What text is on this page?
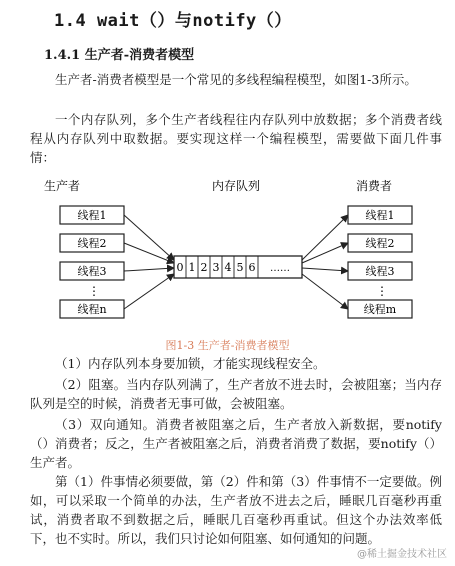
1.4 wait（）与notify（）
1.4.1 生产者-消费者模型

生产者-消费者模型是一个常见的多线程编程模型，如图1-3所示。

一个内存队列，多个生产者线程往内存队列中放数据；多个消费者线程从内存队列中取数据。要实现这样一个编程模型，需要做下面几件事情：

生产者	内存队列	消费者
线程1
线程2
线程3
⋮
线程n
0 1 2 3 4 5 6 ……
线程1
线程2
线程3
⋮
线程m
图1-3 生产者-消费者模型

（1）内存队列本身要加锁，才能实现线程安全。

（2）阻塞。当内存队列满了，生产者放不进去时，会被阻塞；当内存队列是空的时候，消费者无事可做，会被阻塞。

（3）双向通知。消费者被阻塞之后，生产者放入新数据，要notify（）消费者；反之，生产者被阻塞之后，消费者消费了数据，要notify（）生产者。

第（1）件事情必须要做，第（2）件和第（3）件事情不一定要做。例如，可以采取一个简单的办法，生产者放不进去之后，睡眠几百毫秒再重试，消费者取不到数据之后，睡眠几百毫秒再重试。但这个办法效率低下，也不实时。所以，我们只讨论如何阻塞、如何通知的问题。

@稀土掘金技术社区
